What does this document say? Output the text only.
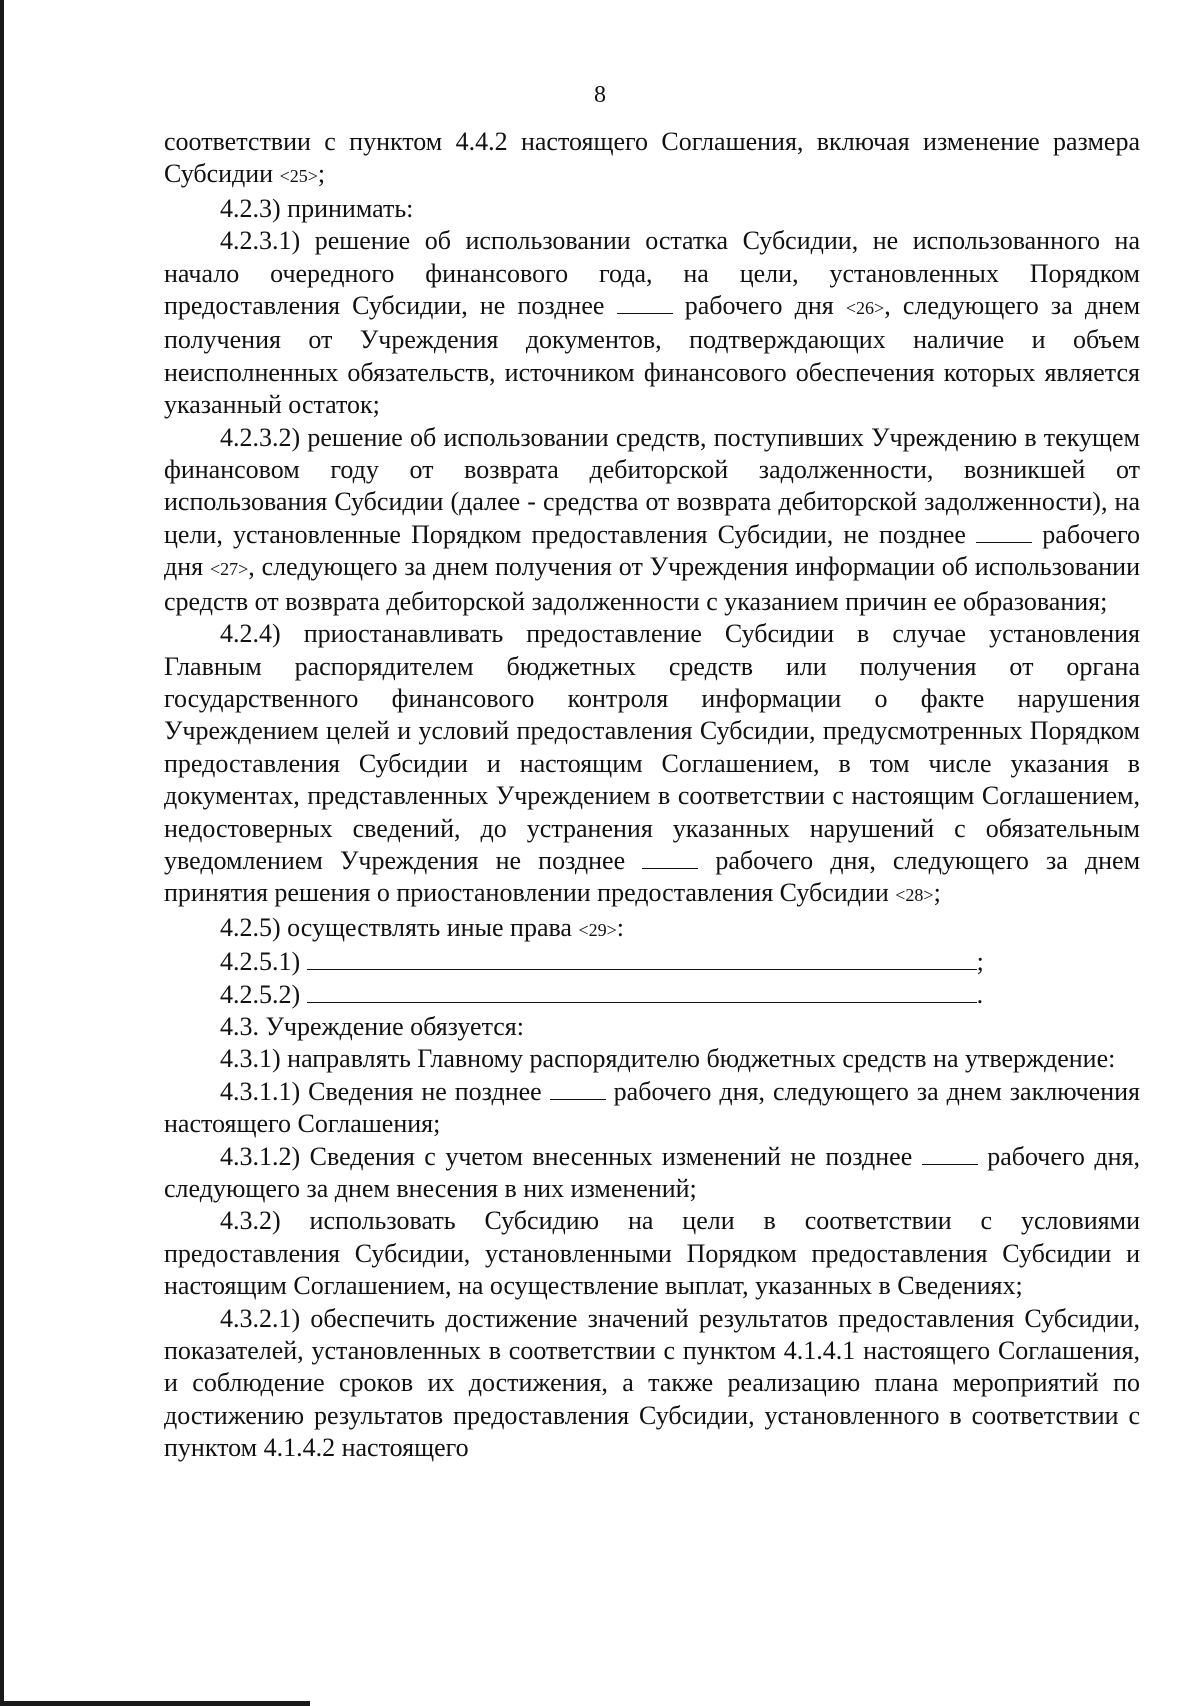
8

соответствии с пунктом 4.4.2 настоящего Соглашения, включая изменение размера Субсидии <25>;

4.2.3) принимать:

4.2.3.1) решение об использовании остатка Субсидии, не использованного на начало очередного финансового года, на цели, установленных Порядком предоставления Субсидии, не позднее	рабочего дня <26>, следующего за днем получения от Учреждения документов, подтверждающих наличие и объем неисполненных обязательств, источником финансового обеспечения которых является указанный остаток;

4.2.3.2) решение об использовании средств, поступивших Учреждению в текущем финансовом году от возврата дебиторской задолженности, возникшей от использования Субсидии (далее - средства от возврата дебиторской задолженности), на цели, установленные Порядком предоставления Субсидии, не позднее	рабочего дня <27>, следующего за днем получения от Учреждения информации об использовании средств от возврата дебиторской задолженности с указанием причин ее образования;

4.2.4) приостанавливать предоставление Субсидии в случае установления Главным распорядителем бюджетных средств или получения от органа государственного финансового контроля информации о факте нарушения Учреждением целей и условий предоставления Субсидии, предусмотренных Порядком предоставления Субсидии и настоящим Соглашением, в том числе указания в документах, представленных Учреждением в соответствии с настоящим Соглашением, недостоверных сведений, до устранения указанных нарушений с обязательным уведомлением Учреждения не позднее	рабочего дня, следующего за днем принятия решения о приостановлении предоставления Субсидии <28>;

4.2.5) осуществлять иные права <29>:

4.2.5.1)	;

4.2.5.2)	.

4.3. Учреждение обязуется:

4.3.1) направлять Главному распорядителю бюджетных средств на утверждение:

4.3.1.1) Сведения не позднее	рабочего дня, следующего за днем заключения настоящего Соглашения;

4.3.1.2) Сведения с учетом внесенных изменений не позднее	рабочего дня, следующего за днем внесения в них изменений;

4.3.2) использовать Субсидию на цели в соответствии с условиями предоставления Субсидии, установленными Порядком предоставления Субсидии и настоящим Соглашением, на осуществление выплат, указанных в Сведениях;

4.3.2.1) обеспечить достижение значений результатов предоставления Субсидии, показателей, установленных в соответствии с пунктом 4.1.4.1 настоящего Соглашения, и соблюдение сроков их достижения, а также реализацию плана мероприятий по достижению результатов предоставления Субсидии, установленного в соответствии с пунктом 4.1.4.2 настоящего
